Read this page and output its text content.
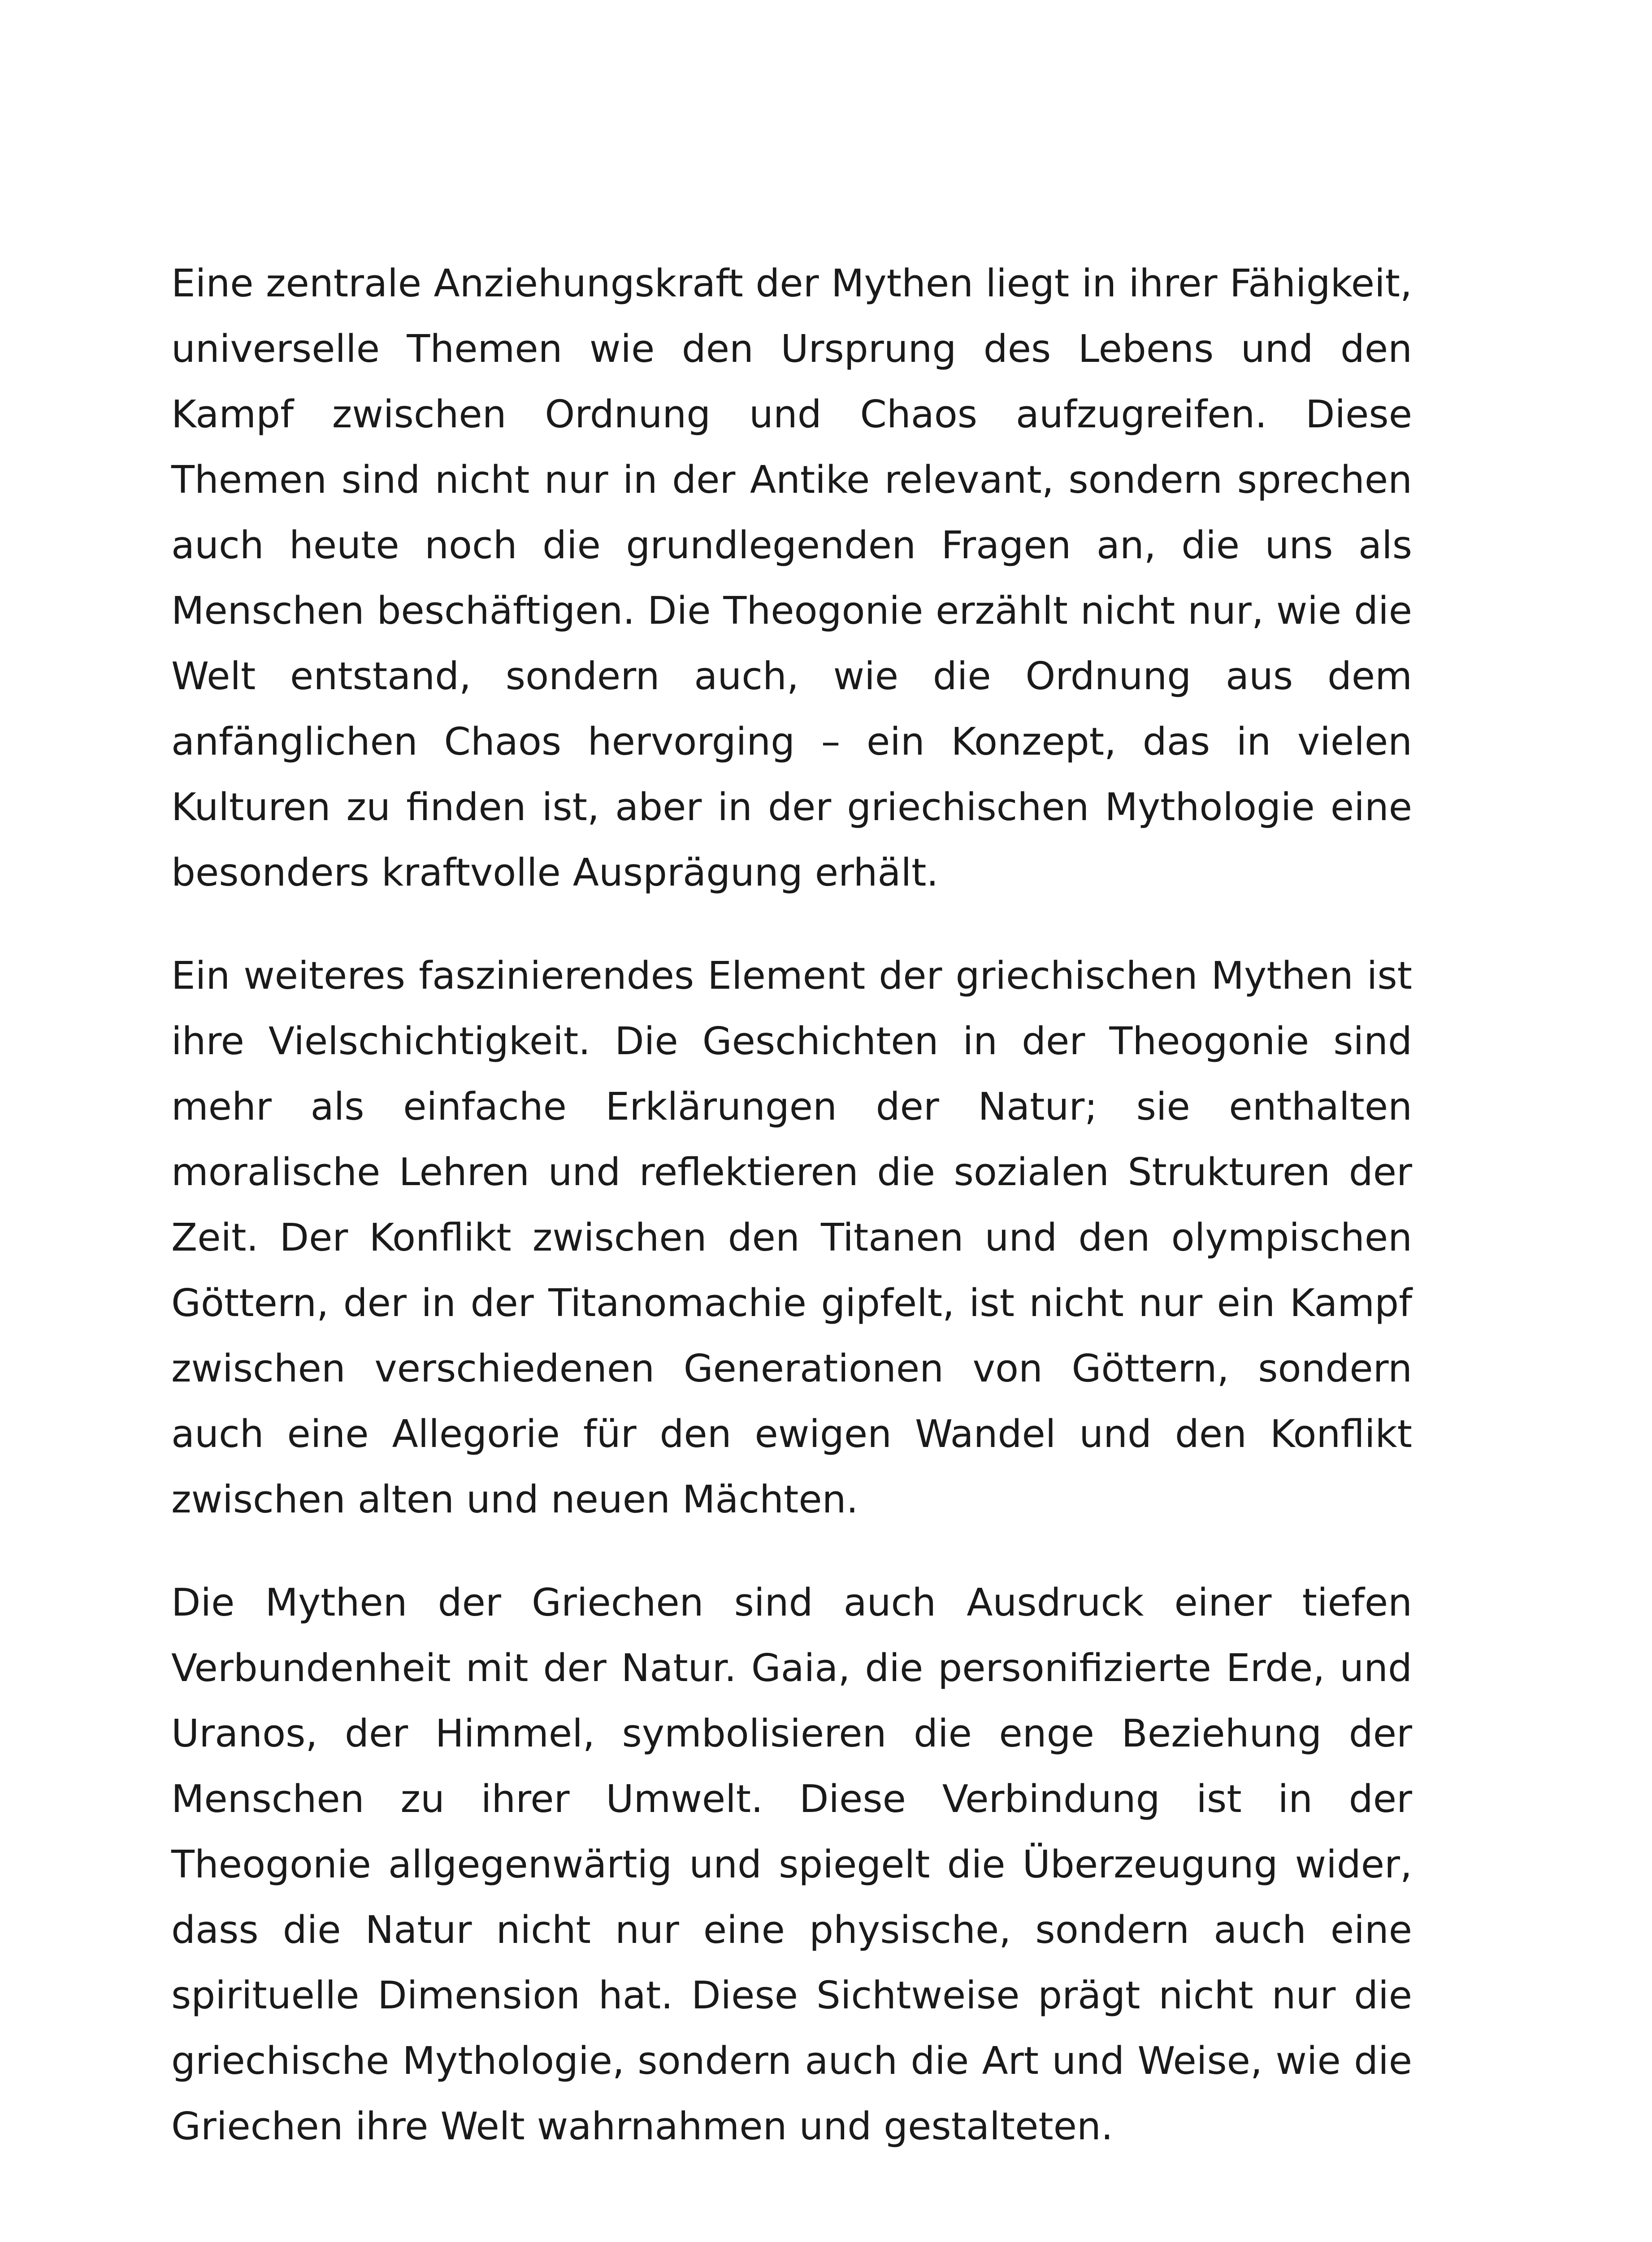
Eine zentrale Anziehungskraft der Mythen liegt in ihrer Fähigkeit, universelle Themen wie den Ursprung des Lebens und den Kampf zwischen Ordnung und Chaos aufzugreifen. Diese Themen sind nicht nur in der Antike relevant, sondern sprechen auch heute noch die grundlegenden Fragen an, die uns als Menschen beschäftigen. Die Theogonie erzählt nicht nur, wie die Welt entstand, sondern auch, wie die Ordnung aus dem anfänglichen Chaos hervorging – ein Konzept, das in vielen Kulturen zu finden ist, aber in der griechischen Mythologie eine besonders kraftvolle Ausprägung erhält.

Ein weiteres faszinierendes Element der griechischen Mythen ist ihre Vielschichtigkeit. Die Geschichten in der Theogonie sind mehr als einfache Erklärungen der Natur; sie enthalten moralische Lehren und reflektieren die sozialen Strukturen der Zeit. Der Konflikt zwischen den Titanen und den olympischen Göttern, der in der Titanomachie gipfelt, ist nicht nur ein Kampf zwischen verschiedenen Generationen von Göttern, sondern auch eine Allegorie für den ewigen Wandel und den Konflikt zwischen alten und neuen Mächten.

Die Mythen der Griechen sind auch Ausdruck einer tiefen Verbundenheit mit der Natur. Gaia, die personifizierte Erde, und Uranos, der Himmel, symbolisieren die enge Beziehung der Menschen zu ihrer Umwelt. Diese Verbindung ist in der Theogonie allgegenwärtig und spiegelt die Überzeugung wider, dass die Natur nicht nur eine physische, sondern auch eine spirituelle Dimension hat. Diese Sichtweise prägt nicht nur die griechische Mythologie, sondern auch die Art und Weise, wie die Griechen ihre Welt wahrnahmen und gestalteten.
